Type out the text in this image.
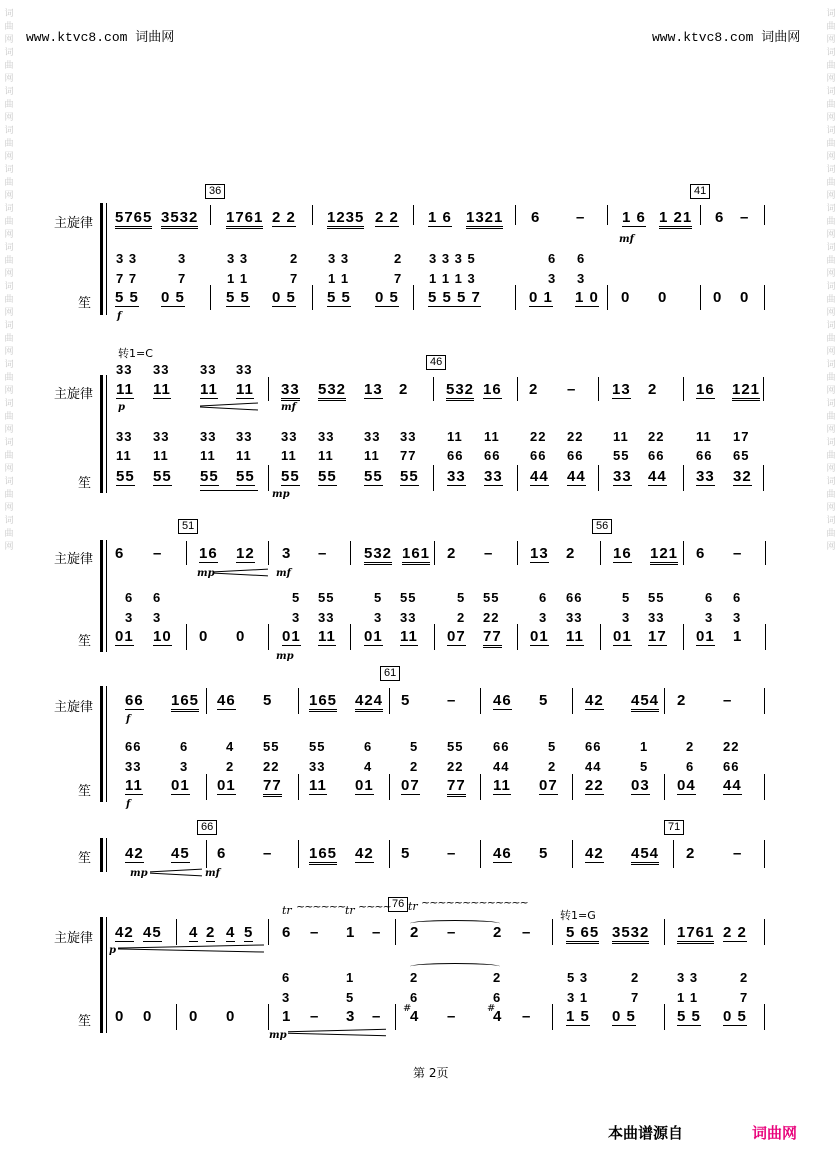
www.ktvc8.com 词曲网	www.ktvc8.com 词曲网
词曲网词曲网词曲网词曲网词曲网词曲网词曲网词曲网词曲网词曲网词曲网词曲网词曲网词曲网
词曲网词曲网词曲网词曲网词曲网词曲网词曲网词曲网词曲网词曲网词曲网词曲网词曲网词曲网
主旋律
笙
36	41
5765 3532 1761 2 2 1235 2 2 1 6 1321 6 – 1 6 1 21 6 –
mf
3 3	3	3 3	2 3 3	2 3 3 3 5	6 6
7 7	7	1 1	7 1 1	7 1 1 1 3	3 3
5 5 0 5	5 5 0 5 5 5 0 5 5 5 5 7	0 1 1 0 0 0	0 0
f
转1=C
主旋律
笙
46
33 33 33 33
11 11 11 11 33 532 13 2	532 16 2 – 13 2	16 121
p	mf
33 33 33 33 33 33 33 33 11 11 22 22 11 22 11 17
11 11 11 11 11 11 11 77 66 66 66 66 55 66 66 65
55 55 55 55 55 55 55 55 33 33 44 44 33 44 33 32
mp
主旋律
笙
51	56
6 – 16 12 3 – 532 161 2 – 13 2	16 121 6 –
mp	mf
6 6	5 55	5 55	5 55	6 66	5 55	6 6
3 3	3 33	3 33	2 22	3 33	3 33	3 3
01 10 0 0 01 11 01 11 07 77 01 11 01 17 01 1
mp
主旋律
笙
61
66 165 46 5 165 424 5 – 46 5 42 454 2 –
f
66	6	4 55 55	6	5 55 66	5 66	1	2 22
33	3	2 22 33	4	2 22 44	2 44	5	6 66
11 01 01 77 11 01 07 77 11 07 22 03 04 44
f
笙
66	71
42 45 6 – 165 42 5 – 46 5 42 454 2	–
mp	mf
转1=G
主旋律
笙
76
tr ~~~~~~ tr ~~~~ tr ~~~~~~~~~~~~~
42 45 4 2 4 5 6 – 1 – 2 – 2 – 5 65 3532 1761 2 2
p
6	1	2	2	5 3	2	3 3	2
3	5	6	6	3 1	7	1 1	7
0 0 0 0	1 – 3 – #
4 –	#
4 – 1 5 0 5	5 5 0 5
mp
第 2页
本曲谱源自	词曲网
